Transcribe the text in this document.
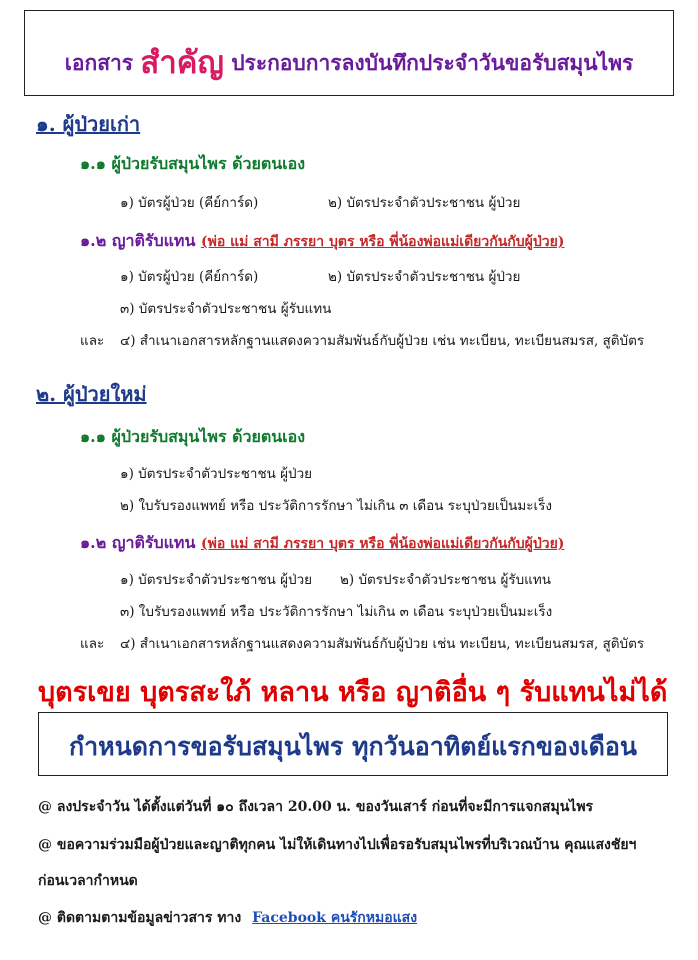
เอกสาร สำคัญ ประกอบการลงบันทึกประจำวันขอรับสมุนไพร
๑. ผู้ป่วยเก่า
๑.๑ ผู้ป่วยรับสมุนไพร ด้วยตนเอง
๑) บัตรผู้ป่วย (คีย์การ์ด)	๒) บัตรประจำตัวประชาชน ผู้ป่วย
๑.๒ ญาติรับแทน (พ่อ แม่ สามี ภรรยา บุตร หรือ พี่น้องพ่อแม่เดียวกันกับผู้ป่วย)
๑) บัตรผู้ป่วย (คีย์การ์ด)	๒) บัตรประจำตัวประชาชน ผู้ป่วย
๓) บัตรประจำตัวประชาชน ผู้รับแทน
และ ๔) สำเนาเอกสารหลักฐานแสดงความสัมพันธ์กับผู้ป่วย เช่น ทะเบียน, ทะเบียนสมรส, สูติบัตร
๒. ผู้ป่วยใหม่
๑.๑ ผู้ป่วยรับสมุนไพร ด้วยตนเอง
๑) บัตรประจำตัวประชาชน ผู้ป่วย
๒) ใบรับรองแพทย์ หรือ ประวัติการรักษา ไม่เกิน ๓ เดือน ระบุป่วยเป็นมะเร็ง
๑.๒ ญาติรับแทน (พ่อ แม่ สามี ภรรยา บุตร หรือ พี่น้องพ่อแม่เดียวกันกับผู้ป่วย)
๑) บัตรประจำตัวประชาชน ผู้ป่วย ๒) บัตรประจำตัวประชาชน ผู้รับแทน
๓) ใบรับรองแพทย์ หรือ ประวัติการรักษา ไม่เกิน ๓ เดือน ระบุป่วยเป็นมะเร็ง
และ ๔) สำเนาเอกสารหลักฐานแสดงความสัมพันธ์กับผู้ป่วย เช่น ทะเบียน, ทะเบียนสมรส, สูติบัตร
บุตรเขย บุตรสะใภ้ หลาน หรือ ญาติอื่น ๆ รับแทนไม่ได้
กำหนดการขอรับสมุนไพร ทุกวันอาทิตย์แรกของเดือน
@ ลงประจำวัน ได้ตั้งแต่วันที่ ๑๐ ถึงเวลา 20.00 น. ของวันเสาร์ ก่อนที่จะมีการแจกสมุนไพร
@ ขอความร่วมมือผู้ป่วยและญาติทุกคน ไม่ให้เดินทางไปเพื่อรอรับสมุนไพรที่บริเวณบ้าน คุณแสงชัยฯ
ก่อนเวลากำหนด
@ ติดตามตามข้อมูลข่าวสาร ทาง Facebook คนรักหมอแสง
